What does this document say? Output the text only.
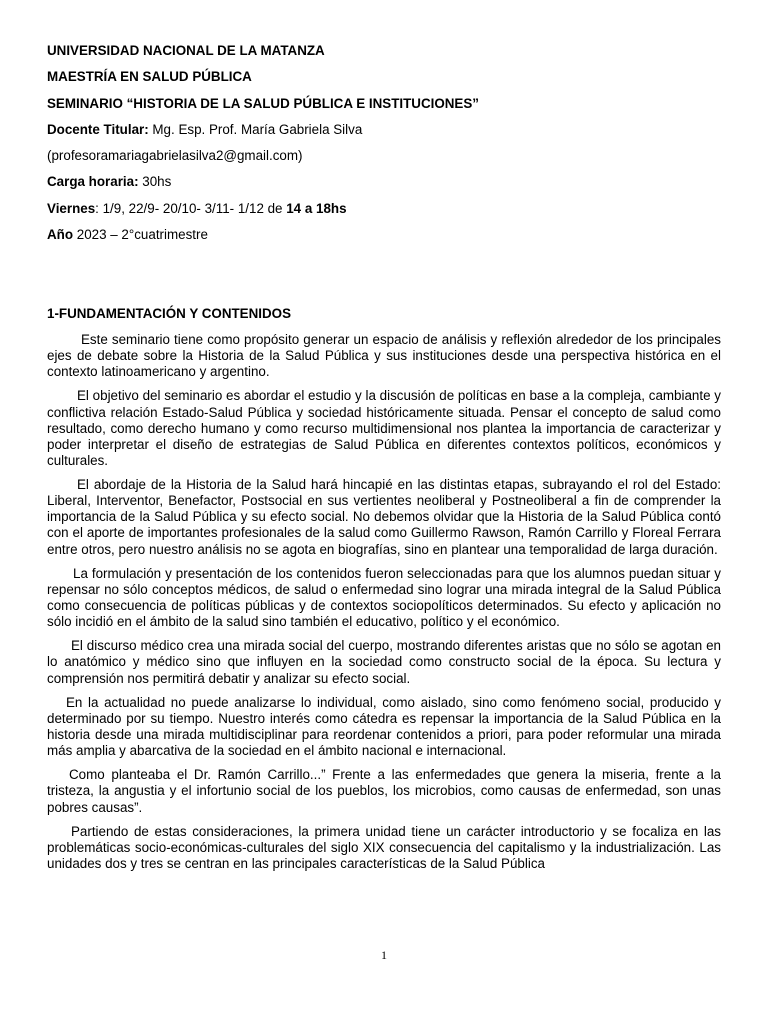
UNIVERSIDAD NACIONAL DE LA MATANZA
MAESTRÍA EN SALUD PÚBLICA
SEMINARIO “HISTORIA DE LA SALUD PÚBLICA E INSTITUCIONES”
Docente Titular: Mg. Esp. Prof. María Gabriela Silva
(profesoramariagabrielasilva2@gmail.com)
Carga horaria: 30hs
Viernes: 1/9, 22/9- 20/10- 3/11- 1/12 de 14 a 18hs
Año 2023 – 2°cuatrimestre
1-FUNDAMENTACIÓN Y CONTENIDOS

Este seminario tiene como propósito generar un espacio de análisis y reflexión alrededor de los principales ejes de debate sobre la Historia de la Salud Pública y sus instituciones desde una perspectiva histórica en el contexto latinoamericano y argentino.

El objetivo del seminario es abordar el estudio y la discusión de políticas en base a la compleja, cambiante y conflictiva relación Estado-Salud Pública y sociedad históricamente situada. Pensar el concepto de salud como resultado, como derecho humano y como recurso multidimensional nos plantea la importancia de caracterizar y poder interpretar el diseño de estrategias de Salud Pública en diferentes contextos políticos, económicos y culturales.

El abordaje de la Historia de la Salud hará hincapié en las distintas etapas, subrayando el rol del Estado: Liberal, Interventor, Benefactor, Postsocial en sus vertientes neoliberal y Postneoliberal a fin de comprender la importancia de la Salud Pública y su efecto social. No debemos olvidar que la Historia de la Salud Pública contó con el aporte de importantes profesionales de la salud como Guillermo Rawson, Ramón Carrillo y Floreal Ferrara entre otros, pero nuestro análisis no se agota en biografías, sino en plantear una temporalidad de larga duración.

La formulación y presentación de los contenidos fueron seleccionadas para que los alumnos puedan situar y repensar no sólo conceptos médicos, de salud o enfermedad sino lograr una mirada integral de la Salud Pública como consecuencia de políticas públicas y de contextos sociopolíticos determinados. Su efecto y aplicación no sólo incidió en el ámbito de la salud sino también el educativo, político y el económico.

El discurso médico crea una mirada social del cuerpo, mostrando diferentes aristas que no sólo se agotan en lo anatómico y médico sino que influyen en la sociedad como constructo social de la época. Su lectura y comprensión nos permitirá debatir y analizar su efecto social.

En la actualidad no puede analizarse lo individual, como aislado, sino como fenómeno social, producido y determinado por su tiempo. Nuestro interés como cátedra es repensar la importancia de la Salud Pública en la historia desde una mirada multidisciplinar para reordenar contenidos a priori, para poder reformular una mirada más amplia y abarcativa de la sociedad en el ámbito nacional e internacional.

Como planteaba el Dr. Ramón Carrillo...” Frente a las enfermedades que genera la miseria, frente a la tristeza, la angustia y el infortunio social de los pueblos, los microbios, como causas de enfermedad, son unas pobres causas”.

Partiendo de estas consideraciones, la primera unidad tiene un carácter introductorio y se focaliza en las problemáticas socio-económicas-culturales del siglo XIX consecuencia del capitalismo y la industrialización. Las unidades dos y tres se centran en las principales características de la Salud Pública

1
